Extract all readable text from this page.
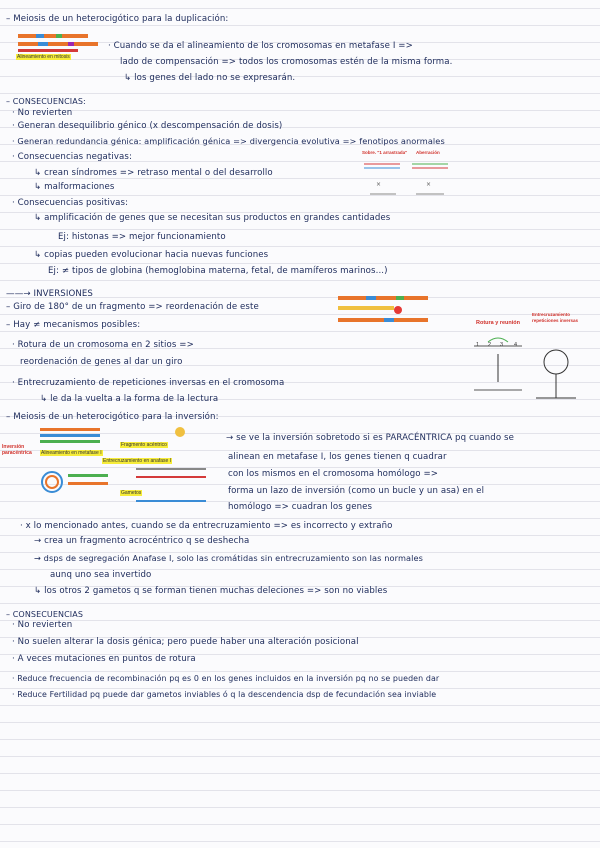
– Meiosis de un heterocigótico para la duplicación:
· Cuando se da el alineamiento de los cromosomas en metafase I =>
lado de compensación => todos los cromosomas estén de la misma forma.
↳ los genes del lado no se expresarán.
– CONSECUENCIAS:
· No revierten
· Generan desequilibrio génico (x descompensación de dosis)
· Generan redundancia génica: amplificación génica => divergencia evolutiva => fenotipos anormales
· Consecuencias negativas:
↳ crean síndromes => retraso mental o del desarrollo
↳ malformaciones
· Consecuencias positivas:
↳ amplificación de genes que se necesitan sus productos en grandes cantidades
Ej: histonas => mejor funcionamiento
↳ copias pueden evolucionar hacia nuevas funciones
Ej: ≠ tipos de globina (hemoglobina materna, fetal, de mamíferos marinos...)
——→ INVERSIONES
– Giro de 180° de un fragmento => reordenación de este
– Hay ≠ mecanismos posibles:
· Rotura de un cromosoma en 2 sitios =>
reordenación de genes al dar un giro
· Entrecruzamiento de repeticiones inversas en el cromosoma
↳ le da la vuelta a la forma de la lectura
– Meiosis de un heterocigótico para la inversión:
→ se ve la inversión sobretodo si es PARACÉNTRICA pq cuando se
alinean en metafase I, los genes tienen q cuadrar
con los mismos en el cromosoma homólogo =>
forma un lazo de inversión (como un bucle y un asa) en el
homólogo => cuadran los genes
· x lo mencionado antes, cuando se da entrecruzamiento => es incorrecto y extraño
→ crea un fragmento acrocéntrico q se deshecha
→ dsps de segregación Anafase I, solo las cromátidas sin entrecruzamiento son las normales
aunq uno sea invertido
↳ los otros 2 gametos q se forman tienen muchas deleciones => son no viables
– CONSECUENCIAS
· No revierten
· No suelen alterar la dosis génica; pero puede haber una alteración posicional
· A veces mutaciones en puntos de rotura
· Reduce frecuencia de recombinación pq es 0 en los genes incluidos en la inversión pq no se pueden dar
· Reduce Fertilidad pq puede dar gametos inviables ó q la descendencia dsp de fecundación sea inviable
Alineamiento en mitosis
Sobre. "1 arrastrada" Aberración
×	×
Rotura y reunión
Entrecruzamiento repeticiones inversas
1 2 3 4
Inversión paracéntrica	Alineamiento en metafase I
Entrecruzamiento en anafase I
Fragmento acéntrico
Gametos
